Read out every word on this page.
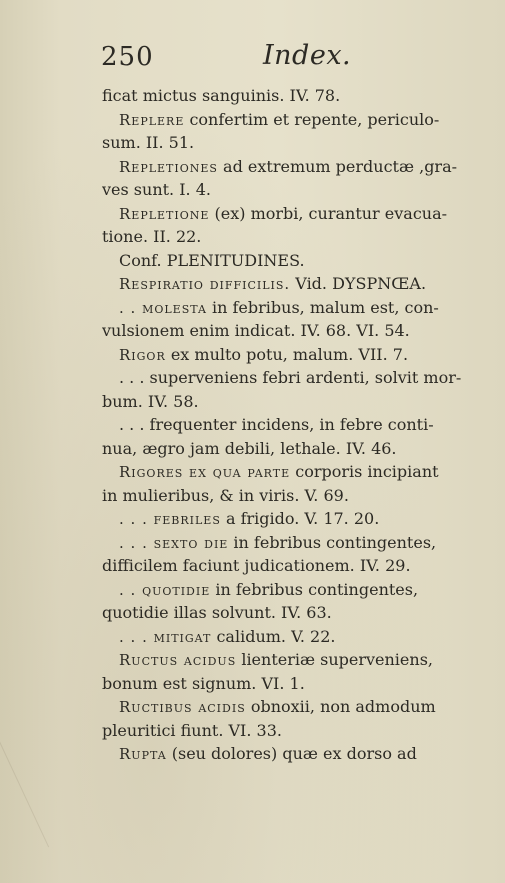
250	Index.
ficat mictus sanguinis. IV. 78.
Replere confertim et repente, periculo-
sum. II. 51.
Repletiones ad extremum perductæ ,gra-
ves sunt. I. 4.
Repletione (ex) morbi, curantur evacua-
tione. II. 22.
Conf. PLENITUDINES.
Respiratio difficilis. Vid. DYSPNŒA.
. . molesta in febribus, malum est, con-
vulsionem enim indicat. IV. 68. VI. 54.
Rigor ex multo potu, malum. VII. 7.
. . . superveniens febri ardenti, solvit mor-
bum. IV. 58.
. . . frequenter incidens, in febre conti-
nua, ægro jam debili, lethale. IV. 46.
Rigores ex qua parte corporis incipiant
in mulieribus, & in viris. V. 69.
. . . febriles a frigido. V. 17. 20.
. . . sexto die in febribus contingentes,
difficilem faciunt judicationem. IV. 29.
. . quotidie in febribus contingentes,
quotidie illas solvunt. IV. 63.
. . . mitigat calidum. V. 22.
Ructus acidus lienteriæ superveniens,
bonum est signum. VI. 1.
Ructibus acidis obnoxii, non admodum
pleuritici fiunt. VI. 33.
Rupta (seu dolores) quæ ex dorso ad
